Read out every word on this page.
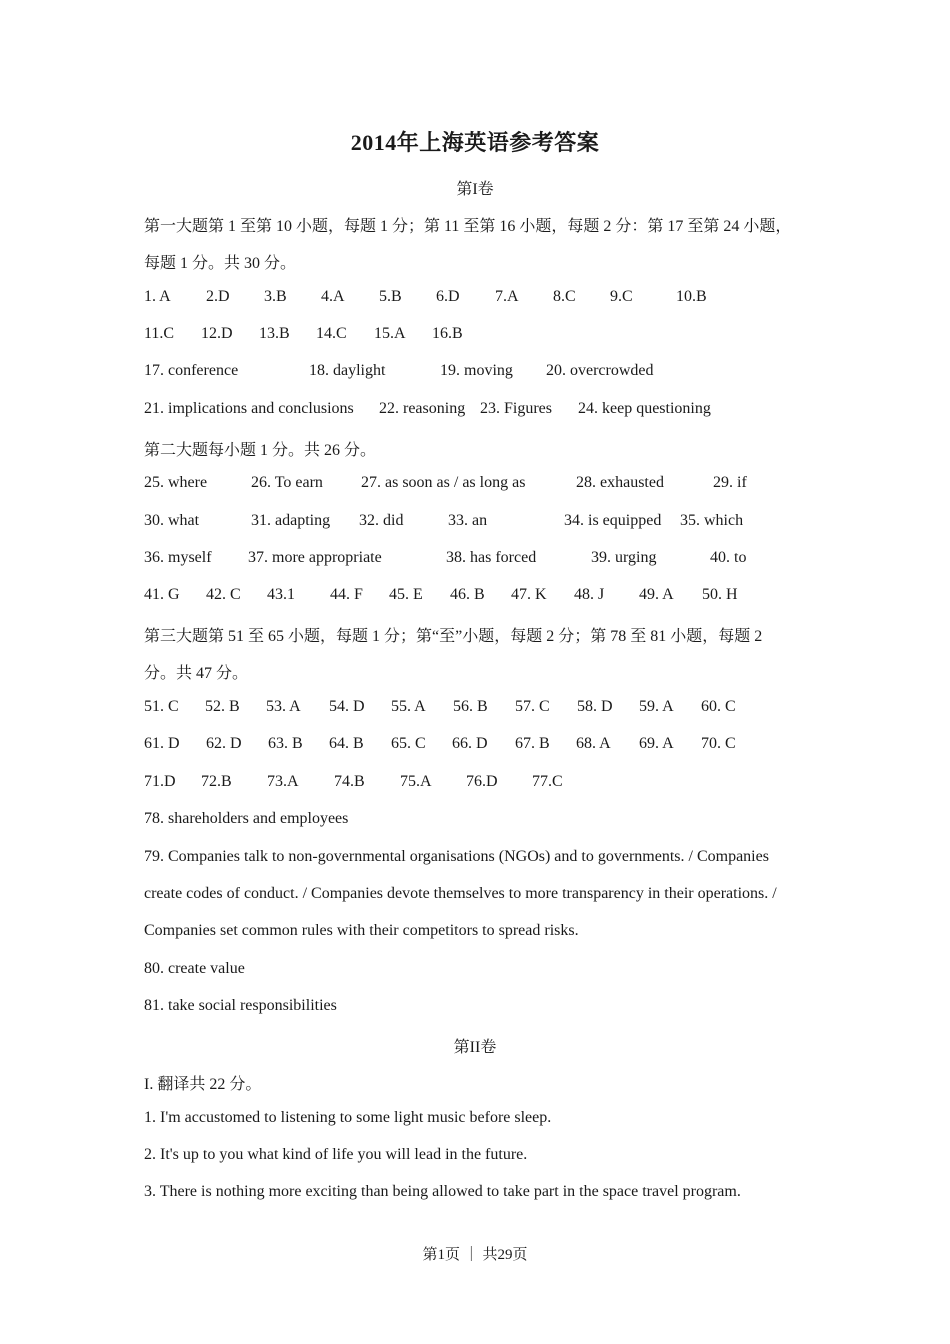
2014年上海英语参考答案
第I卷
第一大题第 1 至第 10 小题，每题 1 分；第 11 至第 16 小题，每题 2 分：第 17 至第 24 小题，
每题 1 分。共 30 分。
1. A 2.D 3.B 4.A 5.B 6.D 7.A 8.C 9.C	10.B
11.C 12.D 13.B 14.C 15.A 16.B
17. conference	18. daylight	19. moving 20. overcrowded
21. implications and conclusions 22. reasoning 23. Figures 24. keep questioning
第二大题每小题 1 分。共 26 分。
25. where	26. To earn 27. as soon as / as long as	28. exhausted	29. if
30. what	31. adapting 32. did	33. an	34. is equipped 35. which
36. myself 37. more appropriate	38. has forced	39. urging	40. to
41. G 42. C 43.1 44. F 45. E 46. B 47. K 48. J 49. A 50. H
第三大题第 51 至 65 小题，每题 1 分；第“至”小题，每题 2 分；第 78 至 81 小题，每题 2
分。共 47 分。
51. C 52. B 53. A 54. D 55. A 56. B 57. C 58. D 59. A 60. C
61. D 62. D 63. B 64. B 65. C 66. D 67. B 68. A 69. A 70. C
71.D 72.B 73.A 74.B 75.A 76.D 77.C
78. shareholders and employees
79. Companies talk to non-governmental organisations (NGOs) and to governments. / Companies
create codes of conduct. / Companies devote themselves to more transparency in their operations. /
Companies set common rules with their competitors to spread risks.
80. create value
81. take social responsibilities
第II卷
I. 翻译共 22 分。
1. I'm accustomed to listening to some light music before sleep.
2. It's up to you what kind of life you will lead in the future.
3. There is nothing more exciting than being allowed to take part in the space travel program.
第1页 ｜ 共29页
